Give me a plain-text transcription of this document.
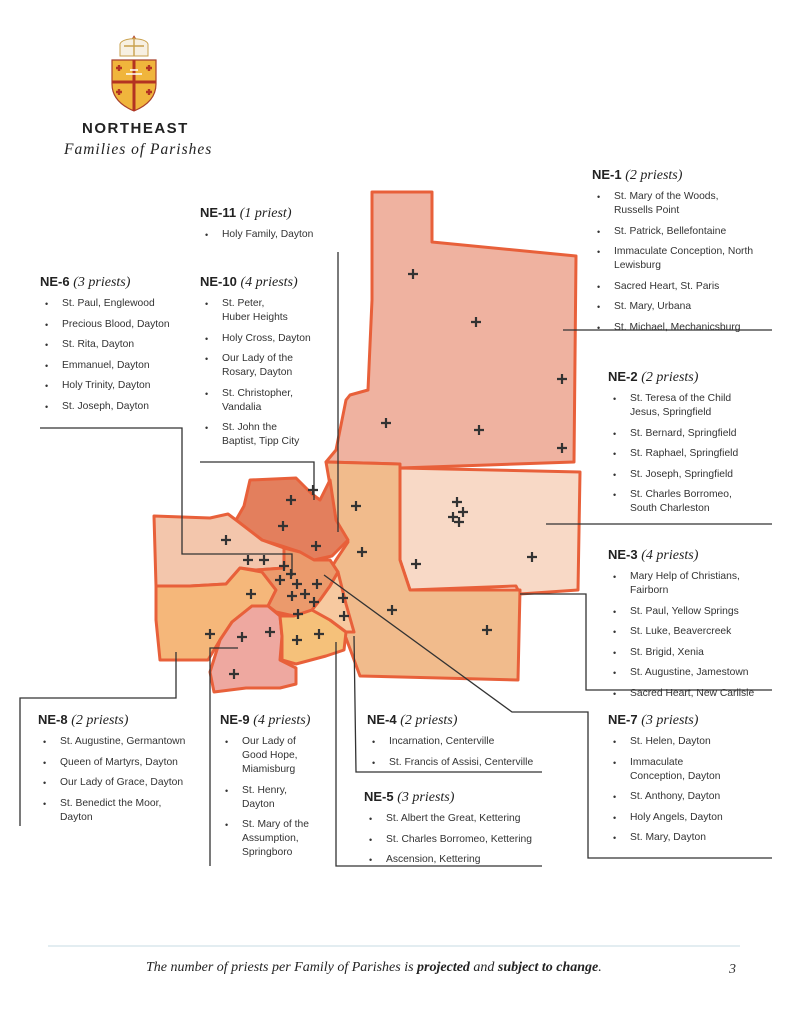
NORTHEAST
Families of Parishes
NE-1 (2 priests)
• St. Mary of the Woods, Russells Point
• St. Patrick, Bellefontaine
• Immaculate Conception, North Lewisburg
• Sacred Heart, St. Paris
• St. Mary, Urbana
• St. Michael, Mechanicsburg
NE-2 (2 priests)
• St. Teresa of the Child Jesus, Springfield
• St. Bernard, Springfield
• St. Raphael, Springfield
• St. Joseph, Springfield
• St. Charles Borromeo, South Charleston
NE-3 (4 priests)
• Mary Help of Christians, Fairborn
• St. Paul, Yellow Springs
• St. Luke, Beavercreek
• St. Brigid, Xenia
• St. Augustine, Jamestown
• Sacred Heart, New Carlisle
NE-4 (2 priests)
• Incarnation, Centerville
• St. Francis of Assisi, Centerville
NE-5 (3 priests)
• St. Albert the Great, Kettering
• St. Charles Borromeo, Kettering
• Ascension, Kettering
NE-6 (3 priests)
• St. Paul, Englewood
• Precious Blood, Dayton
• St. Rita, Dayton
• Emmanuel, Dayton
• Holy Trinity, Dayton
• St. Joseph, Dayton
NE-7 (3 priests)
• St. Helen, Dayton
• Immaculate Conception, Dayton
• St. Anthony, Dayton
• Holy Angels, Dayton
• St. Mary, Dayton
NE-8 (2 priests)
• St. Augustine, Germantown
• Queen of Martyrs, Dayton
• Our Lady of Grace, Dayton
• St. Benedict the Moor, Dayton
NE-9 (4 priests)
• Our Lady of Good Hope, Miamisburg
• St. Henry, Dayton
• St. Mary of the Assumption, Springboro
NE-10 (4 priests)
• St. Peter, Huber Heights
• Holy Cross, Dayton
• Our Lady of the Rosary, Dayton
• St. Christopher, Vandalia
• St. John the Baptist, Tipp City
NE-11 (1 priest)
• Holy Family, Dayton
The number of priests per Family of Parishes is projected and subject to change.	3
